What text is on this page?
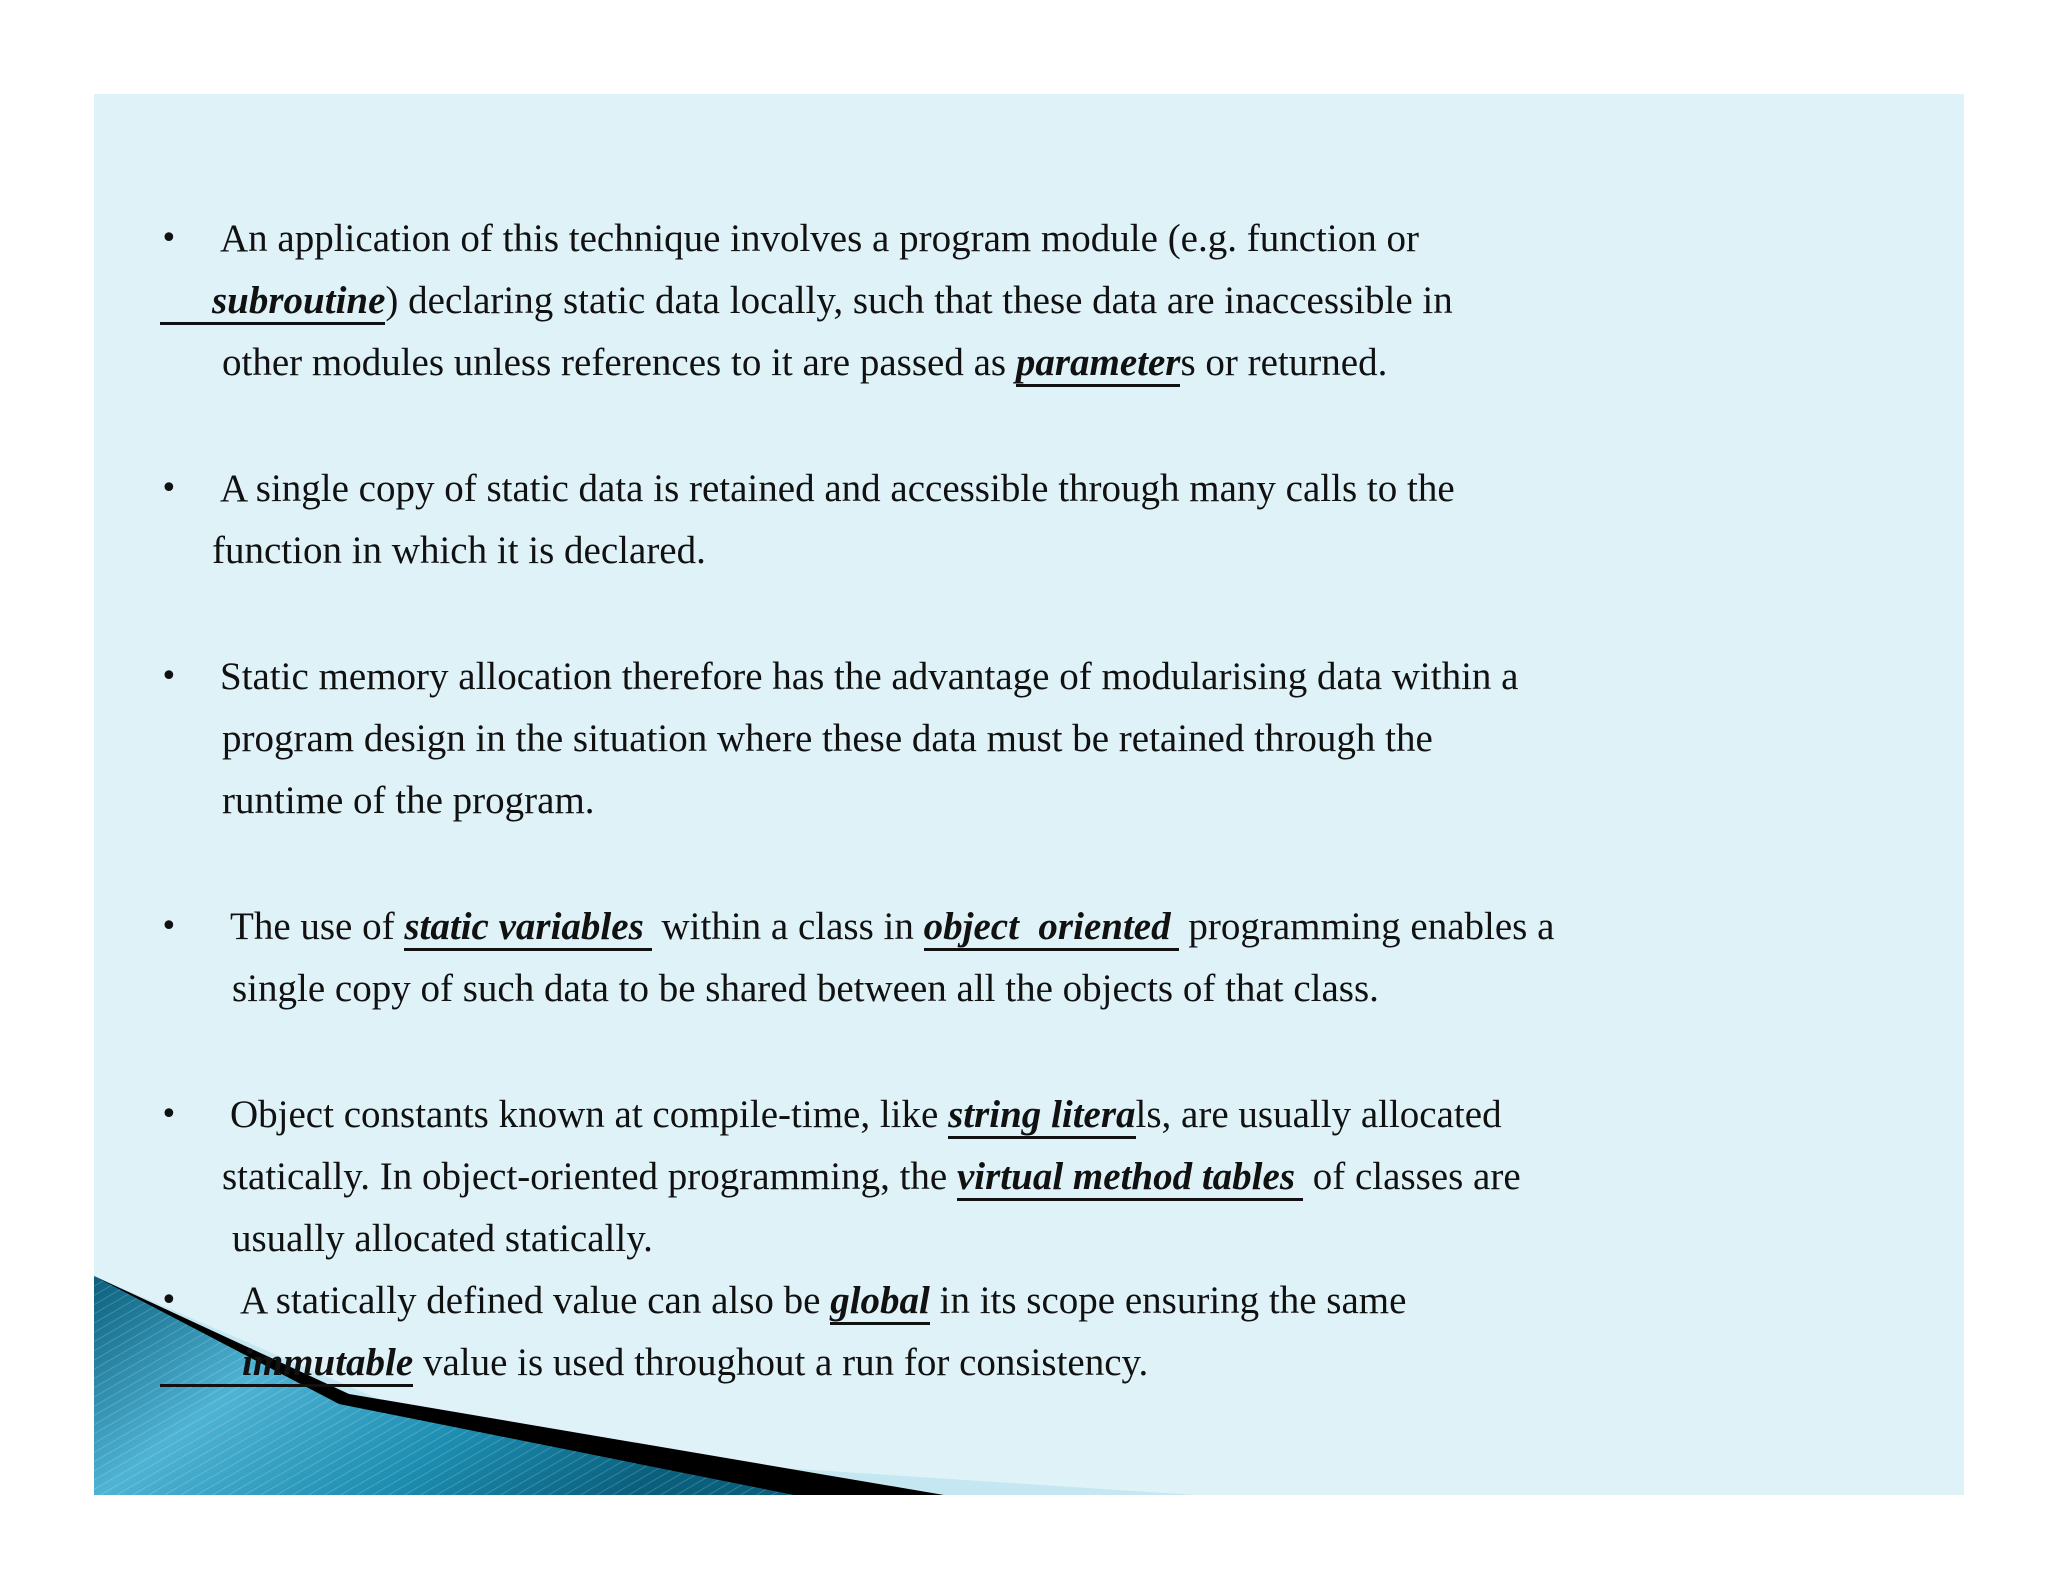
• An application of this technique involves a program module (e.g. function or
subroutine) declaring static data locally, such that these data are inaccessible in
other modules unless references to it are passed as parameters or returned.
• A single copy of static data is retained and accessible through many calls to the
function in which it is declared.
• Static memory allocation therefore has the advantage of modularising data within a
program design in the situation where these data must be retained through the
runtime of the program.
• The use of static variables within a class in object  oriented programming enables a
single copy of such data to be shared between all the objects of that class.
• Object constants known at compile-time, like string literals, are usually allocated
statically. In object-oriented programming, the virtual method tables of classes are
usually allocated statically.
• A statically defined value can also be global in its scope ensuring the same
immutable value is used throughout a run for consistency.
